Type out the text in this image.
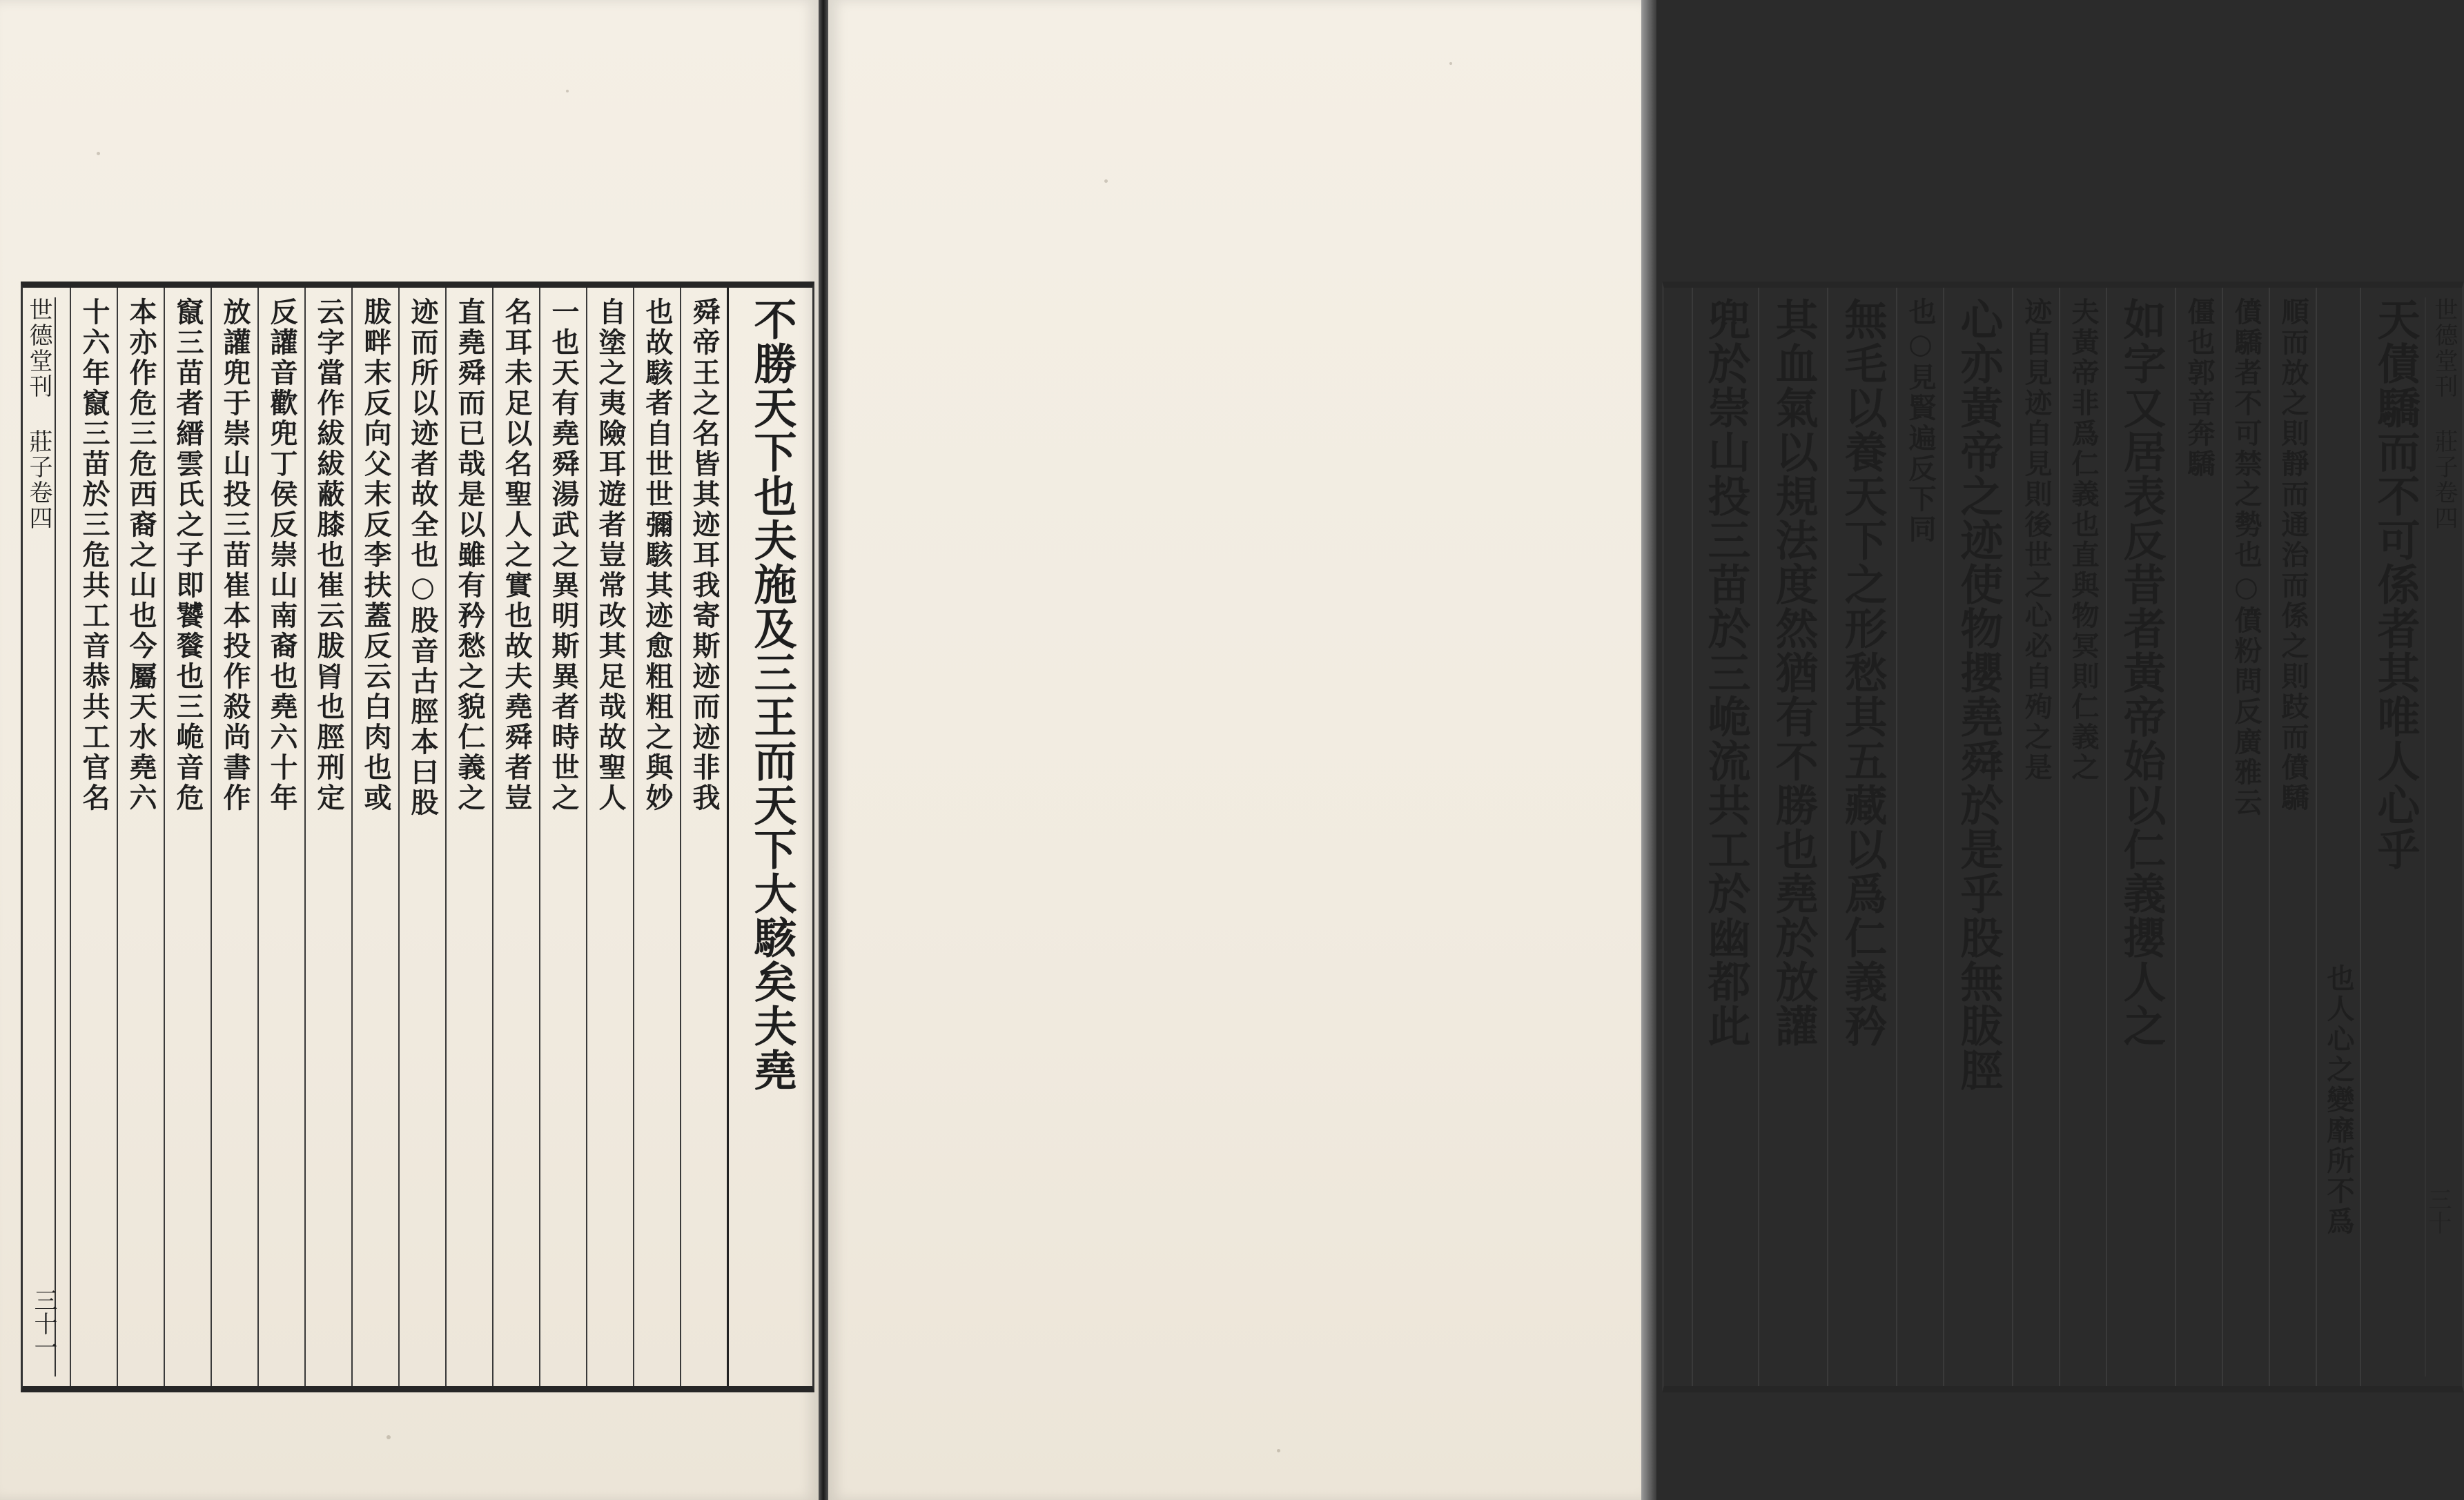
世德堂刊 莊子卷四	不勝天下也夫施及三王而天下大駭矣夫堯
舜帝王之名皆其迹耳我寄斯迹而迹非我
也故駭者自世世彌駭其迹愈粗粗之與妙
自塗之夷險耳遊者豈常改其足哉故聖人
一也天有堯舜湯武之異明斯異者時世之
名耳未足以名聖人之實也故夫堯舜者豈
直堯舜而已哉是以雖有矜愁之貌仁義之
迹而所以迹者故全也○股音古脛本曰股
胈畔末反向父末反李扶蓋反云白肉也或
云字當作紱紱蔽膝也崔云胈𦙄也脛刑定
反讙音歡兜丁侯反崇山南裔也堯六十年
放讙兜于崇山投三苗崔本投作殺尚書作
竄三苗者縉雲氏之子即饕餮也三峗音危
本亦作危三危西裔之山也今屬天水堯六
十六年竄三苗於三危共工音恭共工官名
三十一
世德堂刊 莊子卷四
天債驕而不可係者其唯人心乎
也人心之變靡所不爲
順而放之則靜而通治而係之則跂而僨驕
僨驕者不可禁之勢也○僨粉問反廣雅云
僵也郭音奔驕
如字又居表反昔者黃帝始以仁義攖人之
夫黃帝非爲仁義也直與物冥則仁義之
迹自見迹自見則後世之心必自殉之是
心亦黃帝之迹使物攖堯舜於是乎股無胈脛
也○見賢遍反下同
無毛以養天下之形愁其五藏以爲仁義矜
其血氣以規法度然猶有不勝也堯於放讙
兜於崇山投三苗於三峗流共工於幽都此
三十
